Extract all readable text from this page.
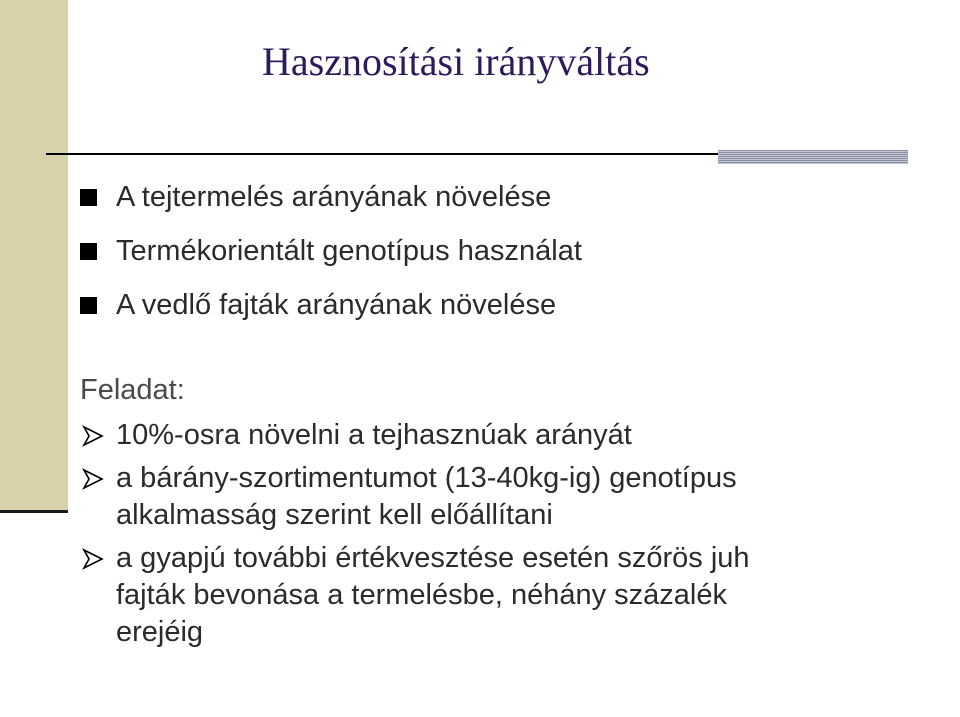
Hasznosítási irányváltás
A tejtermelés arányának növelése
Termékorientált genotípus használat
A vedlő fajták arányának növelése

Feladat:

10%-osra növelni a tejhasznúak arányát
a bárány-szortimentumot (13-40kg-ig) genotípus
alkalmasság szerint kell előállítani
a gyapjú további értékvesztése esetén szőrös juh
fajták bevonása a termelésbe, néhány százalék
erejéig
